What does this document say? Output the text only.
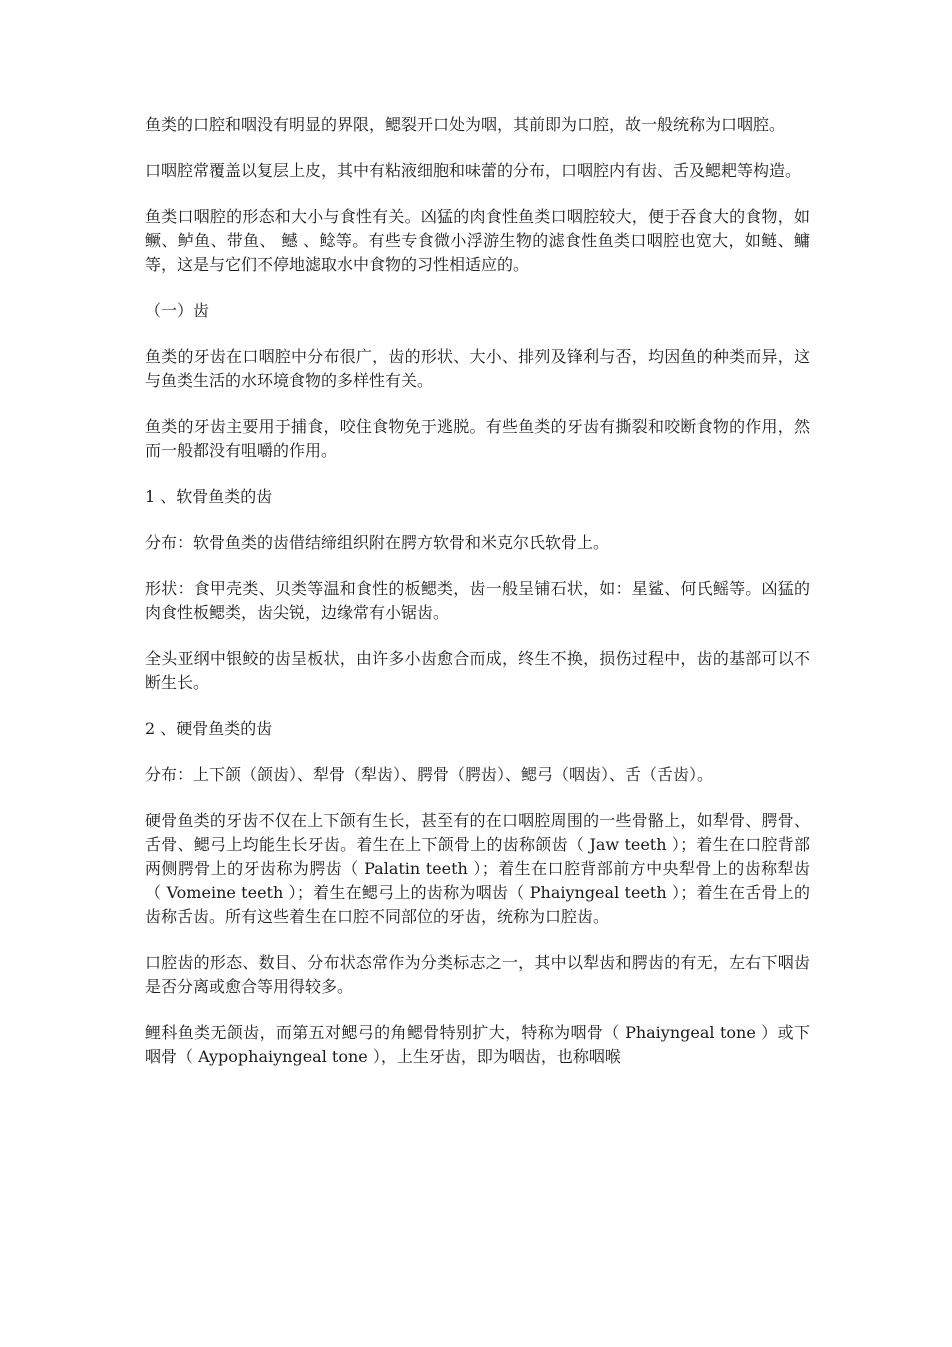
鱼类的口腔和咽没有明显的界限，鳃裂开口处为咽，其前即为口腔，故一般统称为口咽腔。

口咽腔常覆盖以复层上皮，其中有粘液细胞和味蕾的分布，口咽腔内有齿、舌及鳃耙等构造。

鱼类口咽腔的形态和大小与食性有关。凶猛的肉食性鱼类口咽腔较大，便于吞食大的食物，如鳜、鲈鱼、带鱼、 鳡 、鲶等。有些专食微小浮游生物的滤食性鱼类口咽腔也宽大，如鲢、鳙等，这是与它们不停地滤取水中食物的习性相适应的。

（一）齿

鱼类的牙齿在口咽腔中分布很广，齿的形状、大小、排列及锋利与否，均因鱼的种类而异，这与鱼类生活的水环境食物的多样性有关。

鱼类的牙齿主要用于捕食，咬住食物免于逃脱。有些鱼类的牙齿有撕裂和咬断食物的作用，然而一般都没有咀嚼的作用。

1 、软骨鱼类的齿

分布：软骨鱼类的齿借结缔组织附在腭方软骨和米克尔氏软骨上。

形状：食甲壳类、贝类等温和食性的板鳃类，齿一般呈铺石状，如：星鲨、何氏鳐等。凶猛的肉食性板鳃类，齿尖锐，边缘常有小锯齿。

全头亚纲中银鲛的齿呈板状，由许多小齿愈合而成，终生不换，损伤过程中，齿的基部可以不断生长。

2 、硬骨鱼类的齿

分布：上下颌（颌齿）、犁骨（犁齿）、腭骨（腭齿）、鳃弓（咽齿）、舌（舌齿）。

硬骨鱼类的牙齿不仅在上下颌有生长，甚至有的在口咽腔周围的一些骨骼上，如犁骨、腭骨、舌骨、鳃弓上均能生长牙齿。着生在上下颌骨上的齿称颌齿（ Jaw teeth ）；着生在口腔背部两侧腭骨上的牙齿称为腭齿（ Palatin teeth ）；着生在口腔背部前方中央犁骨上的齿称犁齿（ Vomeine teeth ）；着生在鳃弓上的齿称为咽齿（ Phaiyngeal teeth ）；着生在舌骨上的齿称舌齿。所有这些着生在口腔不同部位的牙齿，统称为口腔齿。

口腔齿的形态、数目、分布状态常作为分类标志之一，其中以犁齿和腭齿的有无，左右下咽齿是否分离或愈合等用得较多。

鲤科鱼类无颌齿，而第五对鳃弓的角鳃骨特别扩大，特称为咽骨（ Phaiyngeal tone ）或下咽骨（ Aypophaiyngeal tone ），上生牙齿，即为咽齿，也称咽喉
